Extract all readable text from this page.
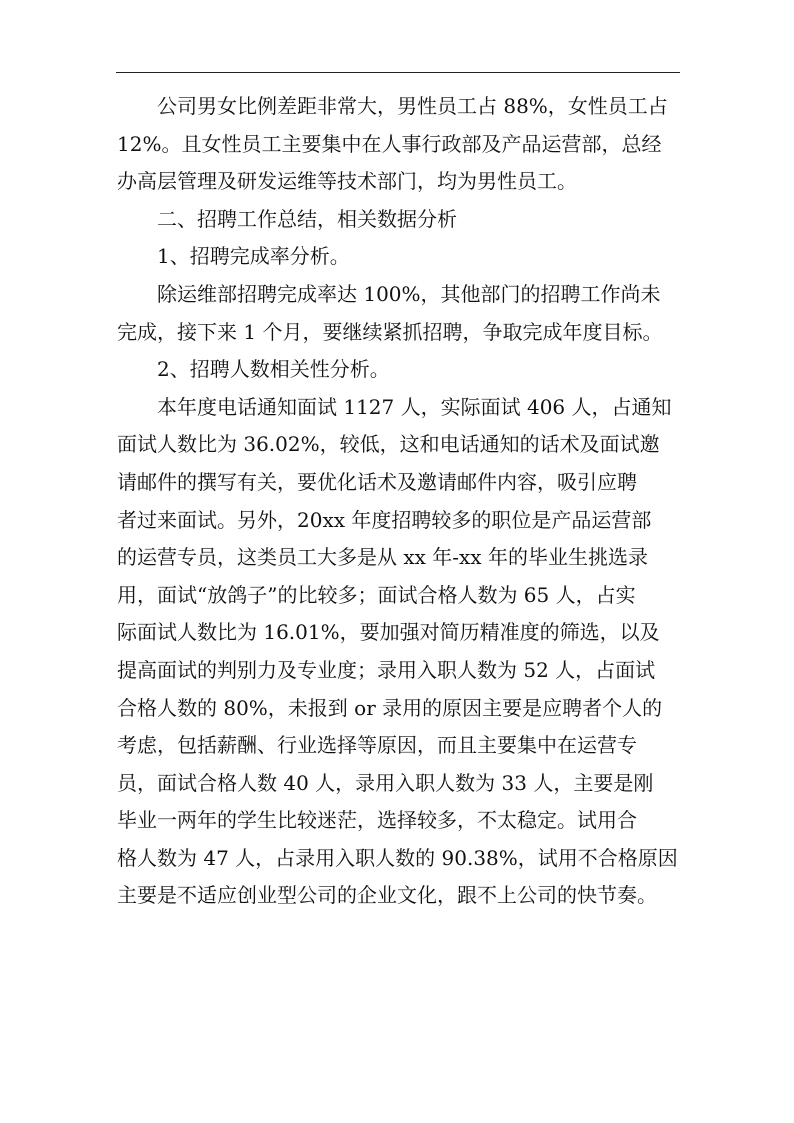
公司男女比例差距非常大，男性员工占 88%，女性员工占
12%。且女性员工主要集中在人事行政部及产品运营部，总经
办高层管理及研发运维等技术部门，均为男性员工。
二、招聘工作总结，相关数据分析
1、招聘完成率分析。
除运维部招聘完成率达 100%，其他部门的招聘工作尚未
完成，接下来 1 个月，要继续紧抓招聘，争取完成年度目标。
2、招聘人数相关性分析。
本年度电话通知面试 1127 人，实际面试 406 人，占通知
面试人数比为 36.02%，较低，这和电话通知的话术及面试邀
请邮件的撰写有关，要优化话术及邀请邮件内容，吸引应聘
者过来面试。另外，20xx 年度招聘较多的职位是产品运营部
的运营专员，这类员工大多是从 xx 年-xx 年的毕业生挑选录
用，面试“放鸽子”的比较多；面试合格人数为 65 人，占实
际面试人数比为 16.01%，要加强对简历精准度的筛选，以及
提高面试的判别力及专业度；录用入职人数为 52 人，占面试
合格人数的 80%，未报到 or 录用的原因主要是应聘者个人的
考虑，包括薪酬、行业选择等原因，而且主要集中在运营专
员，面试合格人数 40 人，录用入职人数为 33 人，主要是刚
毕业一两年的学生比较迷茫，选择较多，不太稳定。试用合
格人数为 47 人，占录用入职人数的 90.38%，试用不合格原因
主要是不适应创业型公司的企业文化，跟不上公司的快节奏。
